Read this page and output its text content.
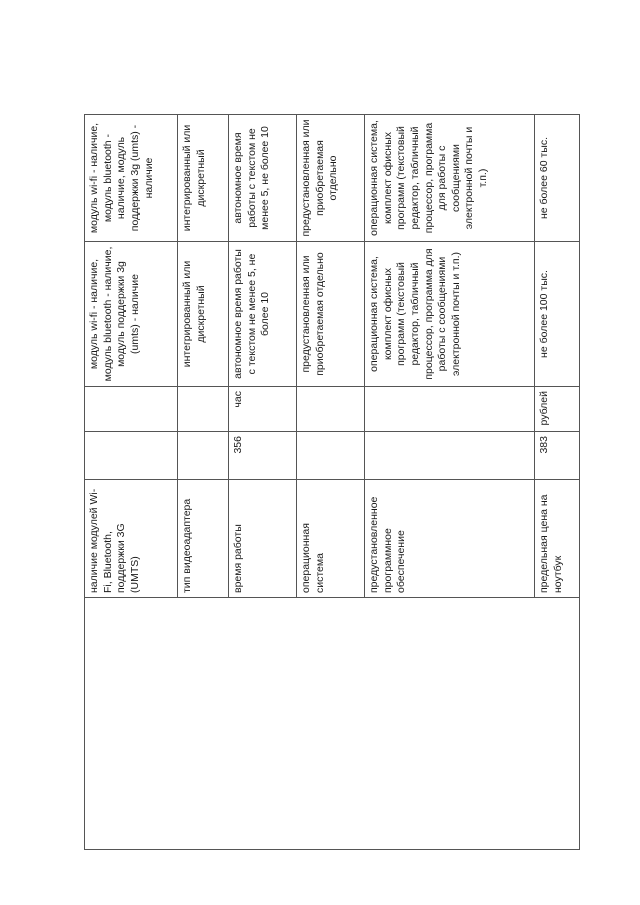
	наличие модулей Wi-Fi, Bluetooth, поддержки 3G (UMTS)			модуль wi-fi - наличие, модуль bluetooth - наличие, модуль поддержки 3g (umts) - наличие	модуль wi-fi - наличие, модуль bluetooth - наличие, модуль поддержки 3g (umts) - наличие
	тип видеоадаптера			интегрированный или дискретный	интегрированный или дискретный
	время работы	356	час	автономное время работы с текстом не менее 5, не более 10	автономное время работы с текстом не менее 5, не более 10
	операционная система			предустановленная или приобретаемая отдельно	предустановленная или приобретаемая отдельно
	предустановленное программное обеспечение			операционная система, комплект офисных программ (текстовый редактор, табличный процессор, программа для работы с сообщениями электронной почты и т.п.)	операционная система, комплект офисных программ (текстовый редактор, табличный процессор, программа для работы с сообщениями электронной почты и т.п.)
	предельная цена на ноутбук	383	рублей	не более 100 тыс.	не более 60 тыс.
